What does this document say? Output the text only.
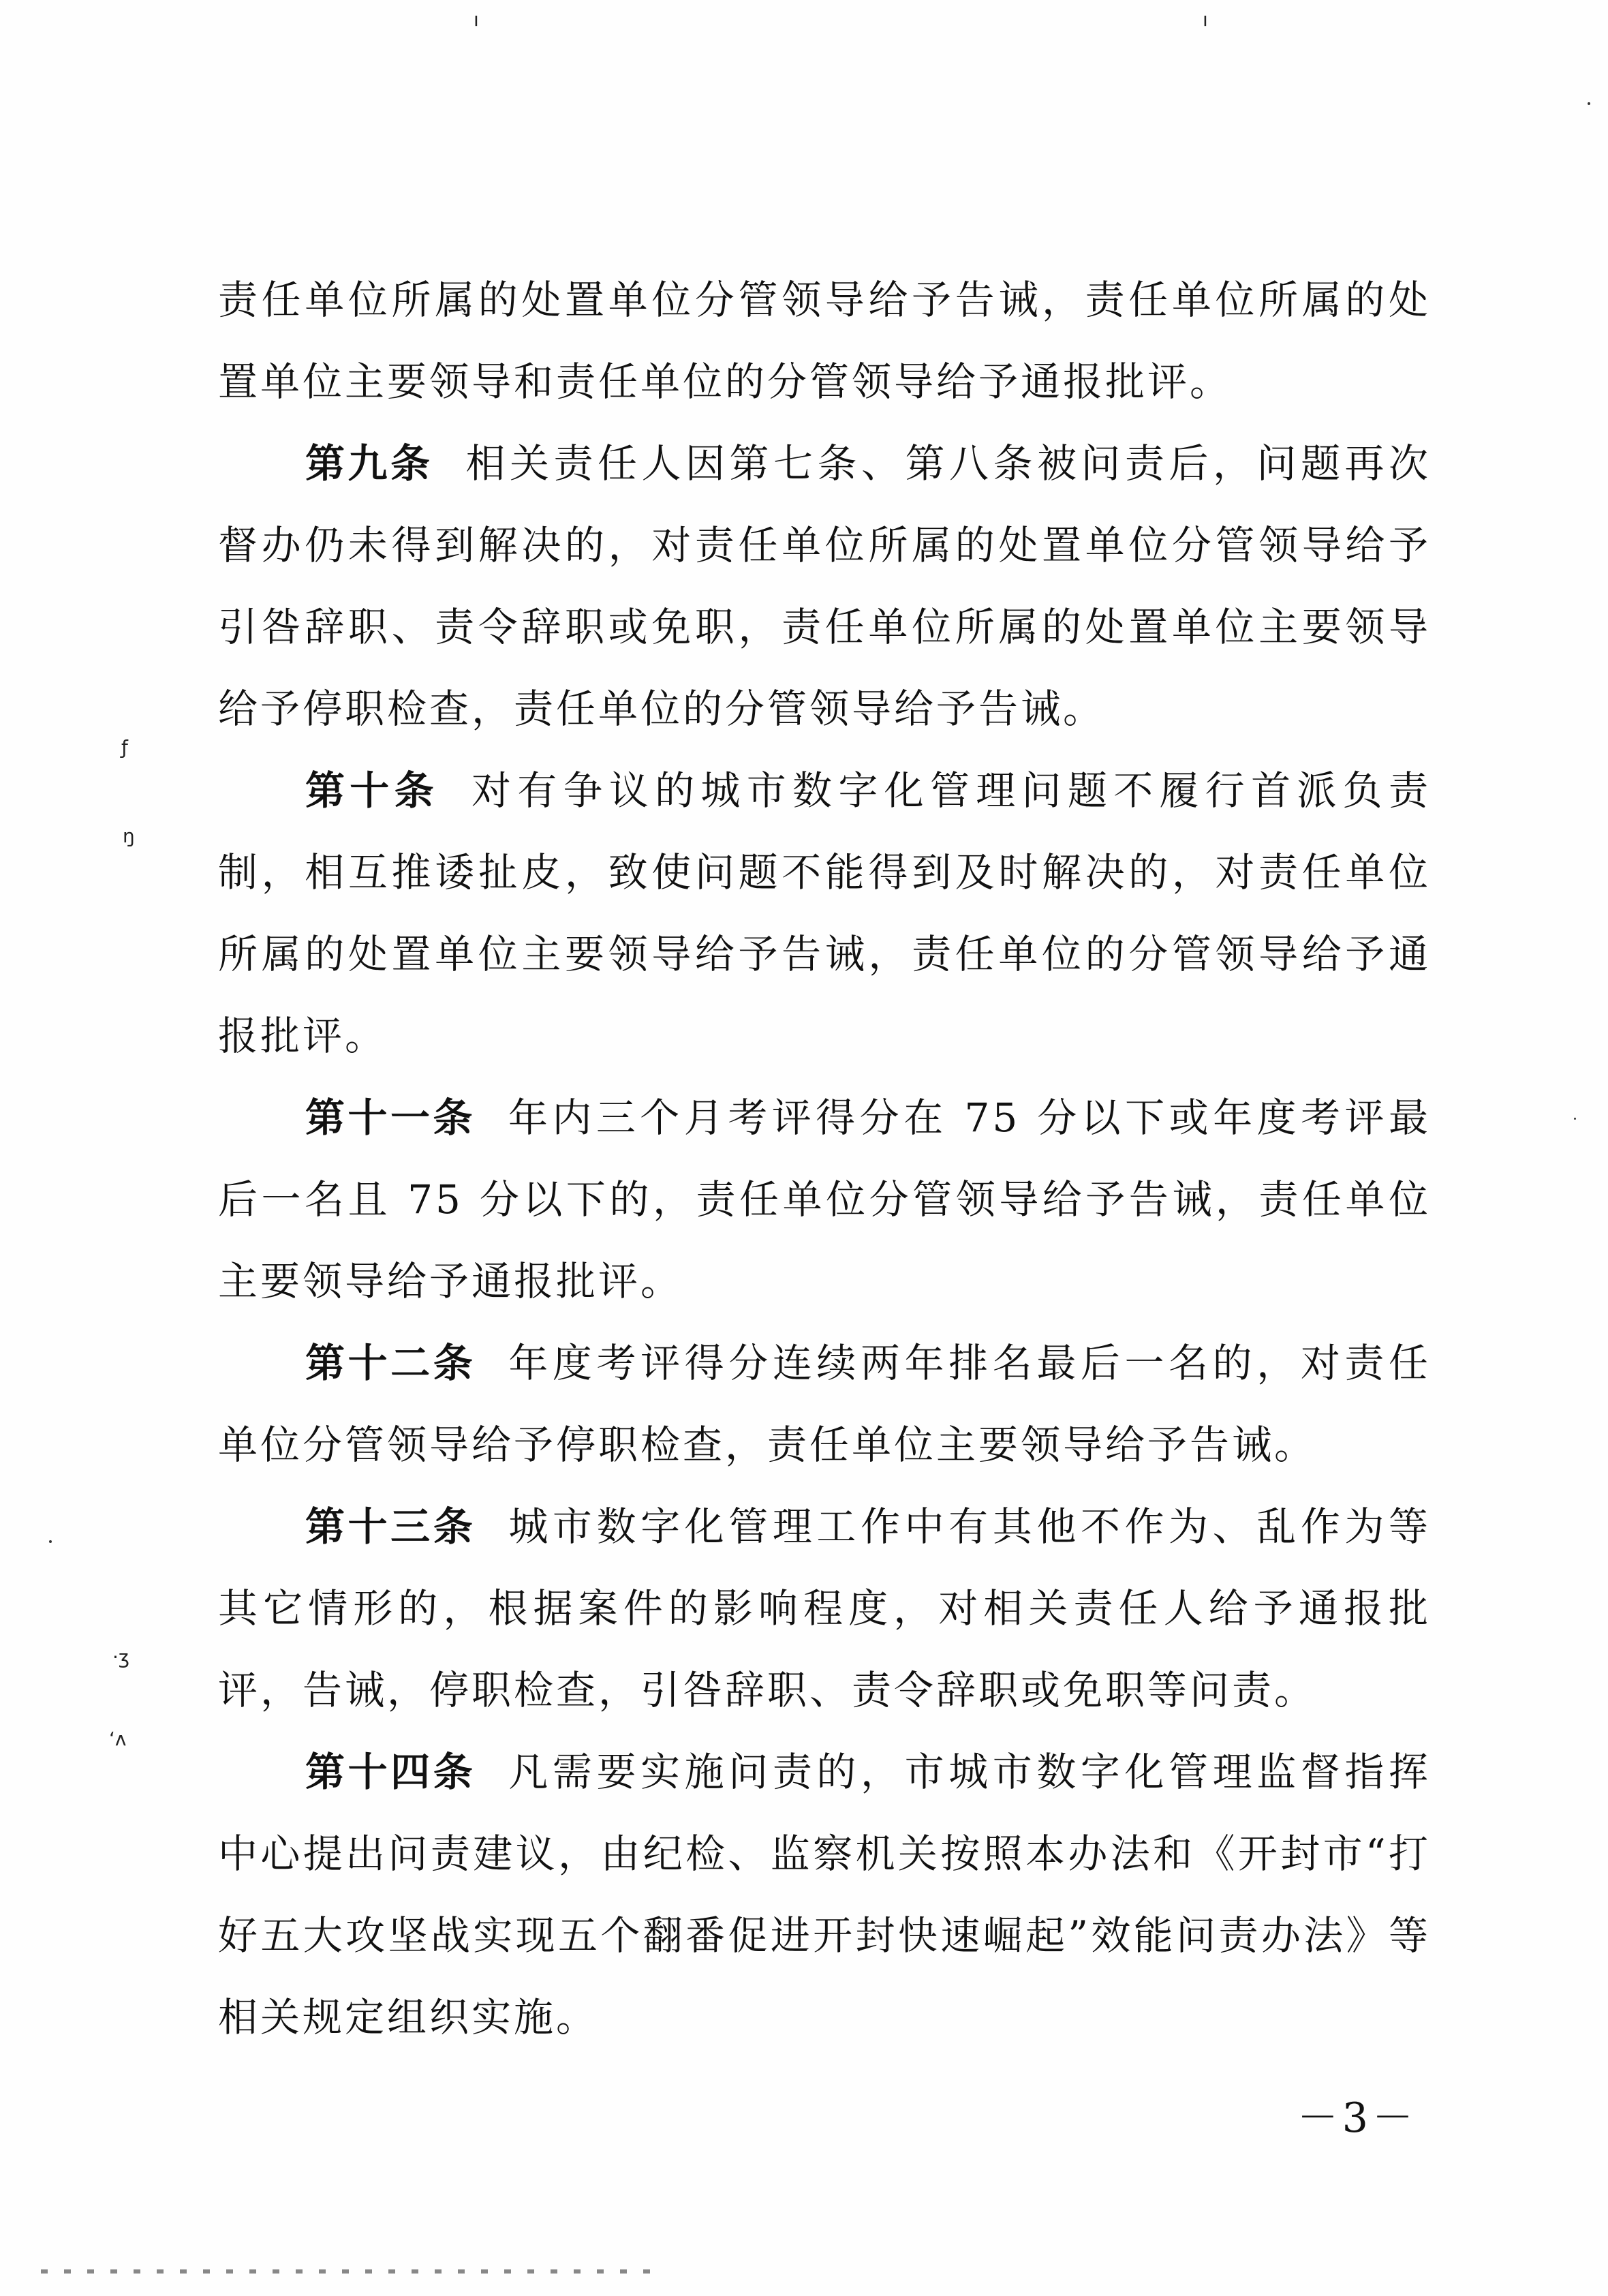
ı	ı
ƒ
ŋ
·ʒ
ʻʌ

责任单位所属的处置单位分管领导给予告诫，责任单位所属的处置单位主要领导和责任单位的分管领导给予通报批评。

第九条 相关责任人因第七条、第八条被问责后，问题再次督办仍未得到解决的，对责任单位所属的处置单位分管领导给予引咎辞职、责令辞职或免职，责任单位所属的处置单位主要领导给予停职检查，责任单位的分管领导给予告诫。

第十条 对有争议的城市数字化管理问题不履行首派负责制，相互推诿扯皮，致使问题不能得到及时解决的，对责任单位所属的处置单位主要领导给予告诫，责任单位的分管领导给予通报批评。

第十一条 年内三个月考评得分在 75 分以下或年度考评最后一名且 75 分以下的，责任单位分管领导给予告诫，责任单位主要领导给予通报批评。

第十二条 年度考评得分连续两年排名最后一名的，对责任单位分管领导给予停职检查，责任单位主要领导给予告诫。

第十三条 城市数字化管理工作中有其他不作为、乱作为等其它情形的，根据案件的影响程度，对相关责任人给予通报批评，告诫，停职检查，引咎辞职、责令辞职或免职等问责。

第十四条 凡需要实施问责的，市城市数字化管理监督指挥中心提出问责建议，由纪检、监察机关按照本办法和《开封市“打好五大攻坚战实现五个翻番促进开封快速崛起”效能问责办法》等相关规定组织实施。

－3－
